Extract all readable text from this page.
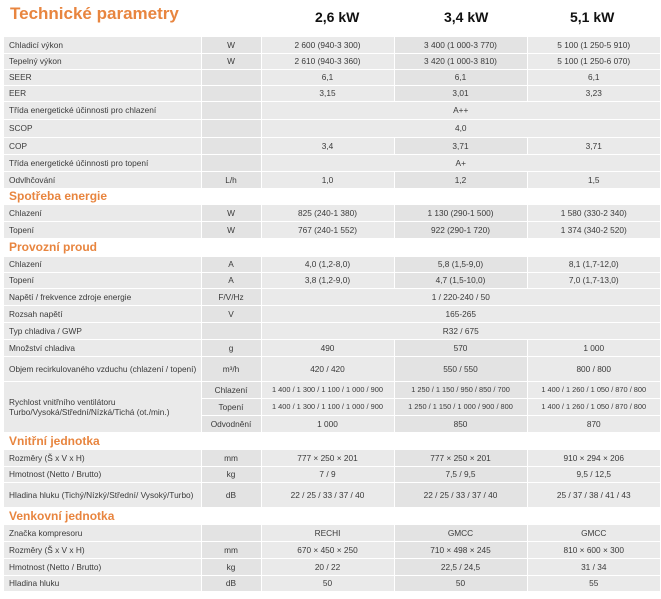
Technické parametry	2,6 kW	3,4 kW	5,1 kW
Chladicí výkon	W	2 600 (940-3 300)	3 400 (1 000-3 770)	5 100 (1 250-5 910)
Tepelný výkon	W	2 610 (940-3 360)	3 420 (1 000-3 810)	5 100 (1 250-6 070)
SEER		6,1	6,1	6,1
EER		3,15	3,01	3,23
Třída energetické účinnosti pro chlazení		A++		
SCOP		4,0		
COP		3,4	3,71	3,71
Třída energetické účinnosti pro topení		A+		
Odvlhčování	L/h	1,0	1,2	1,5
Spotřeba energie				
Chlazení	W	825 (240-1 380)	1 130 (290-1 500)	1 580 (330-2 340)
Topení	W	767 (240-1 552)	922 (290-1 720)	1 374 (340-2 520)
Provozní proud				
Chlazení	A	4,0 (1,2-8,0)	5,8 (1,5-9,0)	8,1 (1,7-12,0)
Topení	A	3,8 (1,2-9,0)	4,7 (1,5-10,0)	7,0 (1,7-13,0)
Napětí / frekvence zdroje energie	F/V/Hz	1 / 220-240 / 50		
Rozsah napětí	V	165-265		
Typ chladiva / GWP		R32 / 675		
Množství chladiva	g	490	570	1 000
Objem recirkulovaného vzduchu (chlazení / topení)	m³/h	420 / 420	550 / 550	800 / 800
Rychlost vnitřního ventilátoru Turbo/Vysoká/Střední/Nízká/Tichá (ot./min.)	Chlazení	1 400 / 1 300 / 1 100 / 1 000 / 900	1 250 / 1 150 / 950 / 850 / 700	1 400 / 1 260 / 1 050 / 870 / 800
	Topení	1 400 / 1 300 / 1 100 / 1 000 / 900	1 250 / 1 150 / 1 000 / 900 / 800	1 400 / 1 260 / 1 050 / 870 / 800
	Odvodnění	1 000	850	870
Vnitřní jednotka				
Rozměry (Š x V x H)	mm	777 × 250 × 201	777 × 250 × 201	910 × 294 × 206
Hmotnost (Netto / Brutto)	kg	7 / 9	7,5 / 9,5	9,5 / 12,5
Hladina hluku (Tichý/Nízký/Střední/ Vysoký/Turbo)	dB	22 / 25 / 33 / 37 / 40	22 / 25 / 33 / 37 / 40	25 / 37 / 38 / 41 / 43
Venkovní jednotka				
Značka kompresoru		RECHI	GMCC	GMCC
Rozměry (Š x V x H)	mm	670 × 450 × 250	710 × 498 × 245	810 × 600 × 300
Hmotnost (Netto / Brutto)	kg	20 / 22	22,5 / 24,5	31 / 34
Hladina hluku	dB	50	50	55
